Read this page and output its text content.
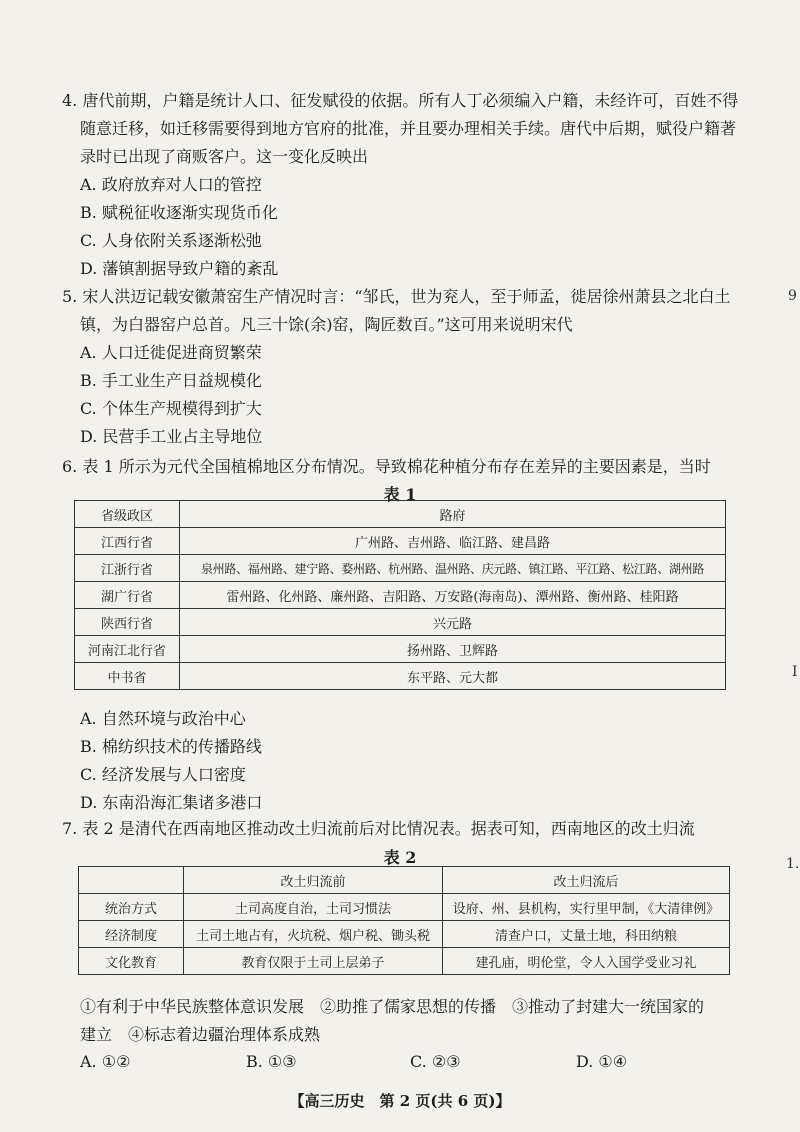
4. 唐代前期，户籍是统计人口、征发赋役的依据。所有人丁必须编入户籍，未经许可，百姓不得
随意迁移，如迁移需要得到地方官府的批准，并且要办理相关手续。唐代中后期，赋役户籍著
录时已出现了商贩客户。这一变化反映出
A. 政府放弃对人口的管控
B. 赋税征收逐渐实现货币化
C. 人身依附关系逐渐松弛
D. 藩镇割据导致户籍的紊乱
5. 宋人洪迈记载安徽萧窑生产情况时言：“邹氏，世为兖人，至于师孟，徙居徐州萧县之北白土
镇，为白器窑户总首。凡三十馀(余)窑，陶匠数百。”这可用来说明宋代
A. 人口迁徙促进商贸繁荣
B. 手工业生产日益规模化
C. 个体生产规模得到扩大
D. 民营手工业占主导地位
6. 表 1 所示为元代全国植棉地区分布情况。导致棉花种植分布存在差异的主要因素是，当时
表 1
省级政区	路府
江西行省	广州路、吉州路、临江路、建昌路
江浙行省	泉州路、福州路、建宁路、婺州路、杭州路、温州路、庆元路、镇江路、平江路、松江路、湖州路
湖广行省	雷州路、化州路、廉州路、吉阳路、万安路(海南岛)、潭州路、衡州路、桂阳路
陕西行省	兴元路
河南江北行省	扬州路、卫辉路
中书省	东平路、元大都
A. 自然环境与政治中心
B. 棉纺织技术的传播路线
C. 经济发展与人口密度
D. 东南沿海汇集诸多港口
7. 表 2 是清代在西南地区推动改土归流前后对比情况表。据表可知，西南地区的改土归流
表 2
	改土归流前	改土归流后
统治方式	土司高度自治，土司习惯法	设府、州、县机构，实行里甲制，《大清律例》
经济制度	土司土地占有，火坑税、烟户税、锄头税	清查户口，丈量土地，科田纳粮
文化教育	教育仅限于土司上层弟子	建孔庙，明伦堂，令人入国学受业习礼
①有利于中华民族整体意识发展　②助推了儒家思想的传播　③推动了封建大一统国家的
建立　④标志着边疆治理体系成熟
A. ①②	B. ①③	C. ②③	D. ①④
9
I
1.
【高三历史　第 2 页(共 6 页)】
